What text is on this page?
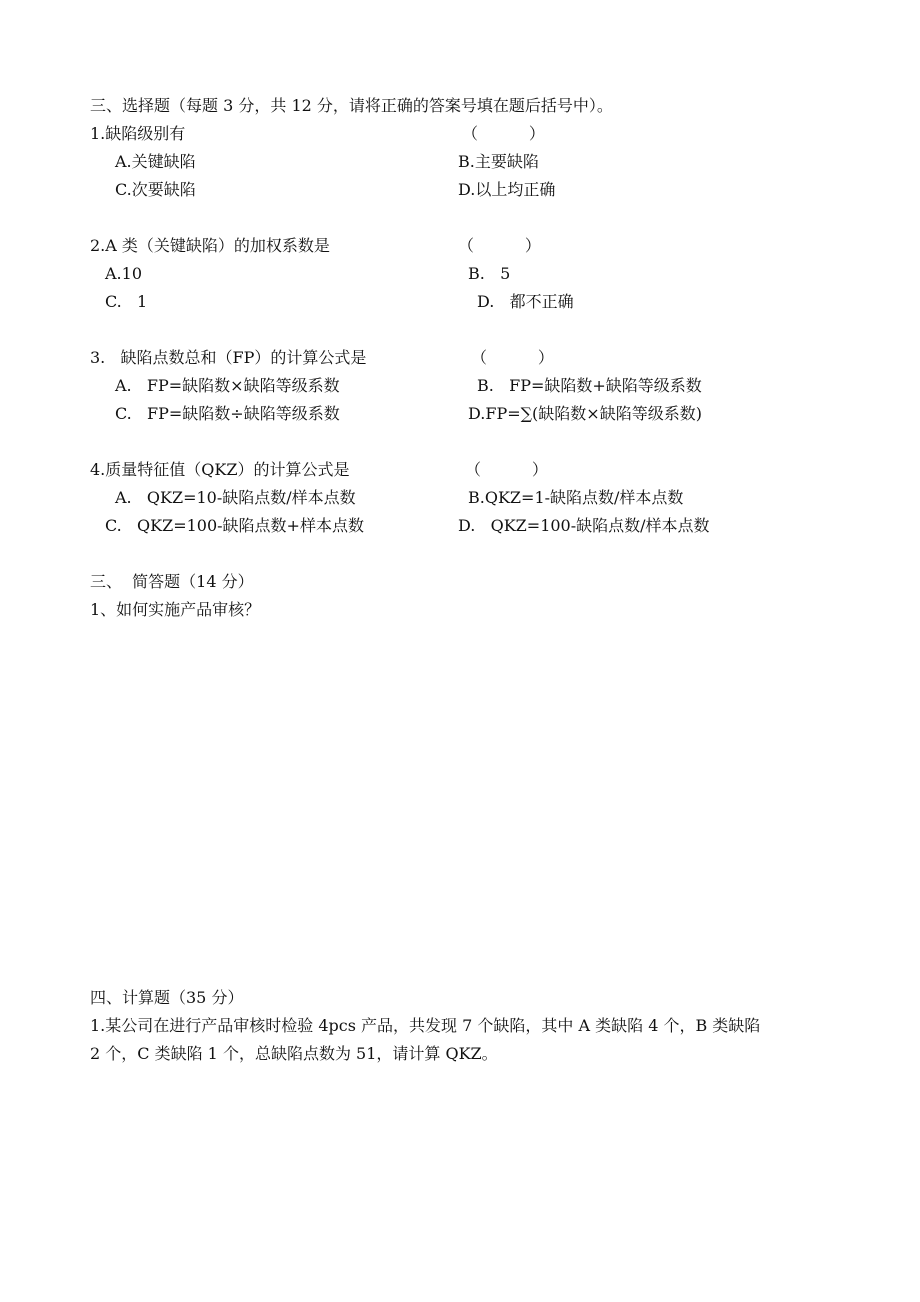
三、选择题（每题 3 分，共 12 分，请将正确的答案号填在题后括号中）。
1.缺陷级别有	（          ）
A.关键缺陷	B.主要缺陷
C.次要缺陷	D.以上均正确
2.A 类（关键缺陷）的加权系数是	（          ）
A.10	B.   5
C.   1	D.   都不正确
3.   缺陷点数总和（FP）的计算公式是	（          ）
A.   FP=缺陷数×缺陷等级系数	B.   FP=缺陷数+缺陷等级系数
C.   FP=缺陷数÷缺陷等级系数	D.FP=∑(缺陷数×缺陷等级系数)
4.质量特征值（QKZ）的计算公式是	（          ）
A.   QKZ=10-缺陷点数/样本点数	B.QKZ=1-缺陷点数/样本点数
C.   QKZ=100-缺陷点数+样本点数	D.   QKZ=100-缺陷点数/样本点数
三、  简答题（14 分）
1、如何实施产品审核？
四、计算题（35 分）
1.某公司在进行产品审核时检验 4pcs 产品，共发现 7 个缺陷，其中 A 类缺陷 4 个，B 类缺陷
2 个，C 类缺陷 1 个，总缺陷点数为 51，请计算 QKZ。
